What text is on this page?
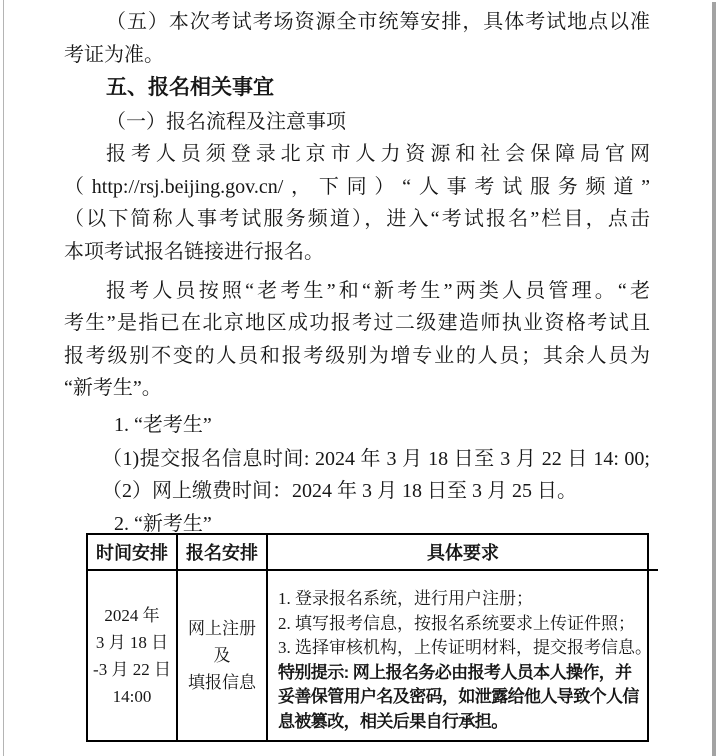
（五）本次考试考场资源全市统筹安排，具体考试地点以准
考证为准。
五、报名相关事宜
（一）报名流程及注意事项
报考人员须登录北京市人力资源和社会保障局官网
（http://rsj.beijing.gov.cn/，下同）“人事考试服务频道”
（以下简称人事考试服务频道），进入“考试报名”栏目，点击
本项考试报名链接进行报名。
报考人员按照“老考生”和“新考生”两类人员管理。“老
考生”是指已在北京地区成功报考过二级建造师执业资格考试且
报考级别不变的人员和报考级别为增专业的人员；其余人员为
“新考生”。
1. “老考生”
（1)提交报名信息时间: 2024 年 3 月 18 日至 3 月 22 日 14: 00;
（2）网上缴费时间：2024 年 3 月 18 日至 3 月 25 日。
2. “新考生”
时间安排	报名安排	具体要求
2024 年
3 月 18 日
-3 月 22 日
14:00
网上注册
及
填报信息
1. 登录报名系统，进行用户注册；
2. 填写报考信息，按报名系统要求上传证件照；
3. 选择审核机构，上传证明材料，提交报考信息。
特别提示: 网上报名务必由报考人员本人操作，并
妥善保管用户名及密码，如泄露给他人导致个人信
息被篡改，相关后果自行承担。
